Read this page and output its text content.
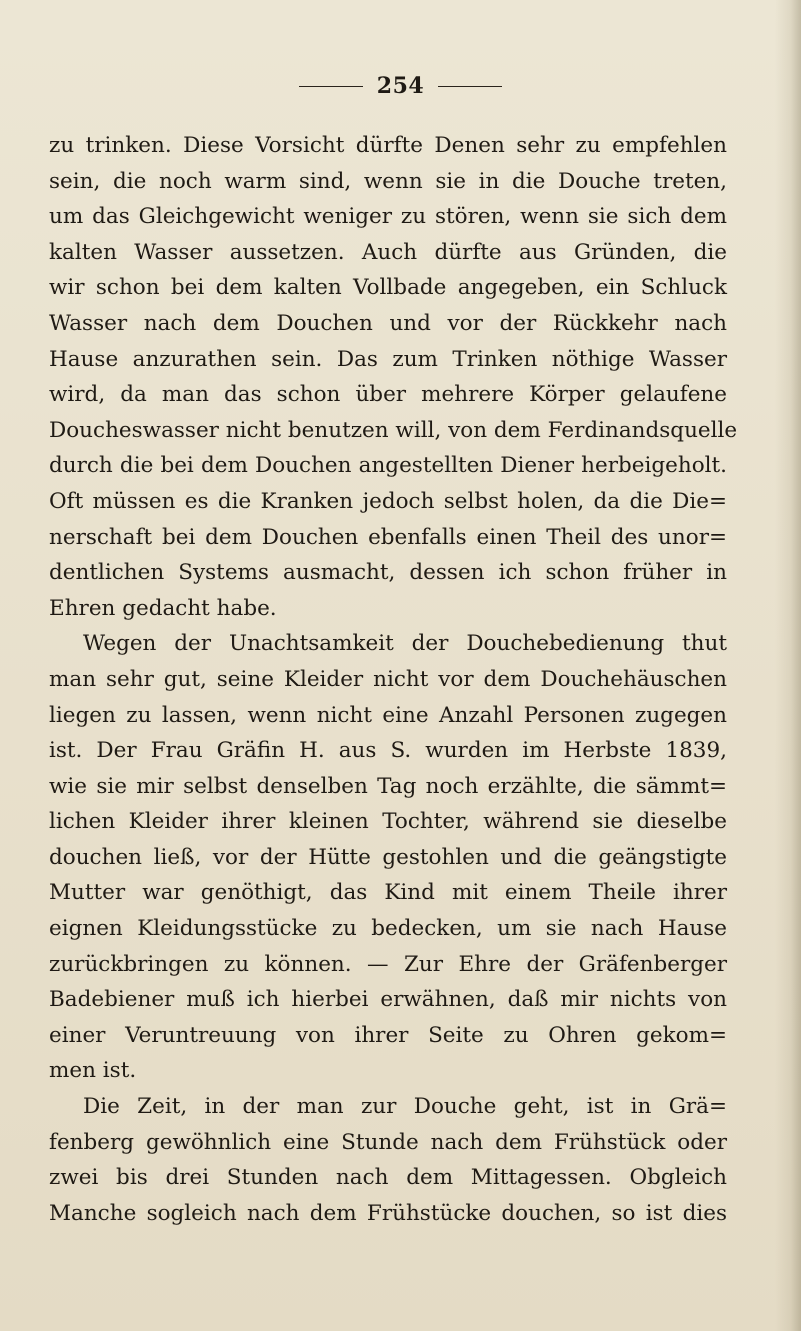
254
zu trinken. Diese Vorsicht dürfte Denen sehr zu empfehlen
sein, die noch warm sind, wenn sie in die Douche treten,
um das Gleichgewicht weniger zu stören, wenn sie sich dem
kalten Wasser aussetzen. Auch dürfte aus Gründen, die
wir schon bei dem kalten Vollbade angegeben, ein Schluck
Wasser nach dem Douchen und vor der Rückkehr nach
Hause anzurathen sein. Das zum Trinken nöthige Wasser
wird, da man das schon über mehrere Körper gelaufene
Doucheswasser nicht benutzen will, von dem Ferdinandsquelle
durch die bei dem Douchen angestellten Diener herbeigeholt.
Oft müssen es die Kranken jedoch selbst holen, da die Die=
nerschaft bei dem Douchen ebenfalls einen Theil des unor=
dentlichen Systems ausmacht, dessen ich schon früher in
Ehren gedacht habe.
Wegen der Unachtsamkeit der Douchebedienung thut
man sehr gut, seine Kleider nicht vor dem Douchehäuschen
liegen zu lassen, wenn nicht eine Anzahl Personen zugegen
ist. Der Frau Gräfin H. aus S. wurden im Herbste 1839,
wie sie mir selbst denselben Tag noch erzählte, die sämmt=
lichen Kleider ihrer kleinen Tochter, während sie dieselbe
douchen ließ, vor der Hütte gestohlen und die geängstigte
Mutter war genöthigt, das Kind mit einem Theile ihrer
eignen Kleidungsstücke zu bedecken, um sie nach Hause
zurückbringen zu können. — Zur Ehre der Gräfenberger
Badebiener muß ich hierbei erwähnen, daß mir nichts von
einer Veruntreuung von ihrer Seite zu Ohren gekom=
men ist.
Die Zeit, in der man zur Douche geht, ist in Grä=
fenberg gewöhnlich eine Stunde nach dem Frühstück oder
zwei bis drei Stunden nach dem Mittagessen. Obgleich
Manche sogleich nach dem Frühstücke douchen, so ist dies
